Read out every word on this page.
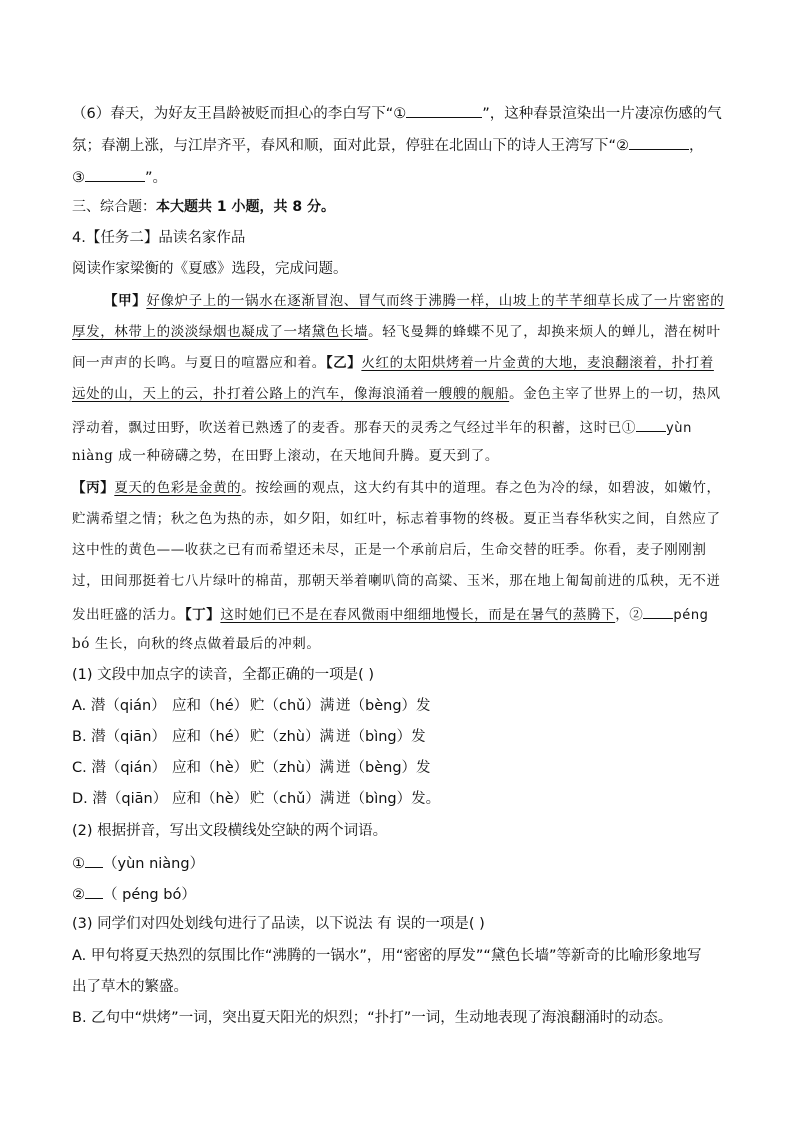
（6）春天，为好友王昌龄被贬而担心的李白写下“①	”，这种春景渲染出一片凄凉伤感的气
氛；春潮上涨，与江岸齐平，春风和顺，面对此景，停驻在北固山下的诗人王湾写下“②	，
③	”。
三、综合题：本大题共 1 小题，共 8 分。
4.【任务二】品读名家作品
阅读作家梁衡的《夏感》选段，完成问题。
【甲】好像炉子上的一锅水在逐渐冒泡、冒气而终于沸腾一样，山坡上的芊芊细草长成了一片密密的
厚发，林带上的淡淡绿烟也凝成了一堵黛色长墙。轻飞曼舞的蜂蝶不见了，却换来烦人的蝉儿，潜在树叶
间一声声的长鸣。与夏日的喧嚣应和着。【乙】火红的太阳烘烤着一片金黄的大地，麦浪翻滚着，扑打着
远处的山，天上的云，扑打着公路上的汽车，像海浪涌着一艘艘的舰船。金色主宰了世界上的一切，热风
浮动着，飘过田野，吹送着已熟透了的麦香。那春天的灵秀之气经过半年的积蓄，这时已① yùn
niàng 成一种磅礴之势，在田野上滚动，在天地间升腾。夏天到了。
【丙】夏天的色彩是金黄的。按绘画的观点，这大约有其中的道理。春之色为冷的绿，如碧波，如嫩竹，
贮满希望之情；秋之色为热的赤，如夕阳，如红叶，标志着事物的终极。夏正当春华秋实之间，自然应了
这中性的黄色——收获之已有而希望还未尽，正是一个承前启后，生命交替的旺季。你看，麦子刚刚割
过，田间那挺着七八片绿叶的棉苗，那朝天举着喇叭筒的高粱、玉米，那在地上匍匐前进的瓜秧，无不迸
发出旺盛的活力。【丁】这时她们已不是在春风微雨中细细地慢长，而是在暑气的蒸腾下，② péng
bó 生长，向秋的终点做着最后的冲刺。
(1) 文段中加点字的读音，全都正确的一项是( )
A. 潜（qián） 应和（hé） 贮（chǔ）满 迸（bèng）发
B. 潜（qiān） 应和（hé） 贮（zhù）满 迸（bìng）发
C. 潜（qián） 应和（hè） 贮（zhù）满 迸（bèng）发
D. 潜（qiān） 应和（hè） 贮（chǔ）满 迸（bìng）发。
(2) 根据拼音，写出文段横线处空缺的两个词语。
① （yùn niàng）
② （ péng bó）
(3) 同学们对四处划线句进行了品读，以下说法 有 误的一项是( )
A. 甲句将夏天热烈的氛围比作“沸腾的一锅水”，用“密密的厚发”“黛色长墙”等新奇的比喻形象地写
出了草木的繁盛。
B. 乙句中“烘烤”一词，突出夏天阳光的炽烈；“扑打”一词，生动地表现了海浪翻涌时的动态。
